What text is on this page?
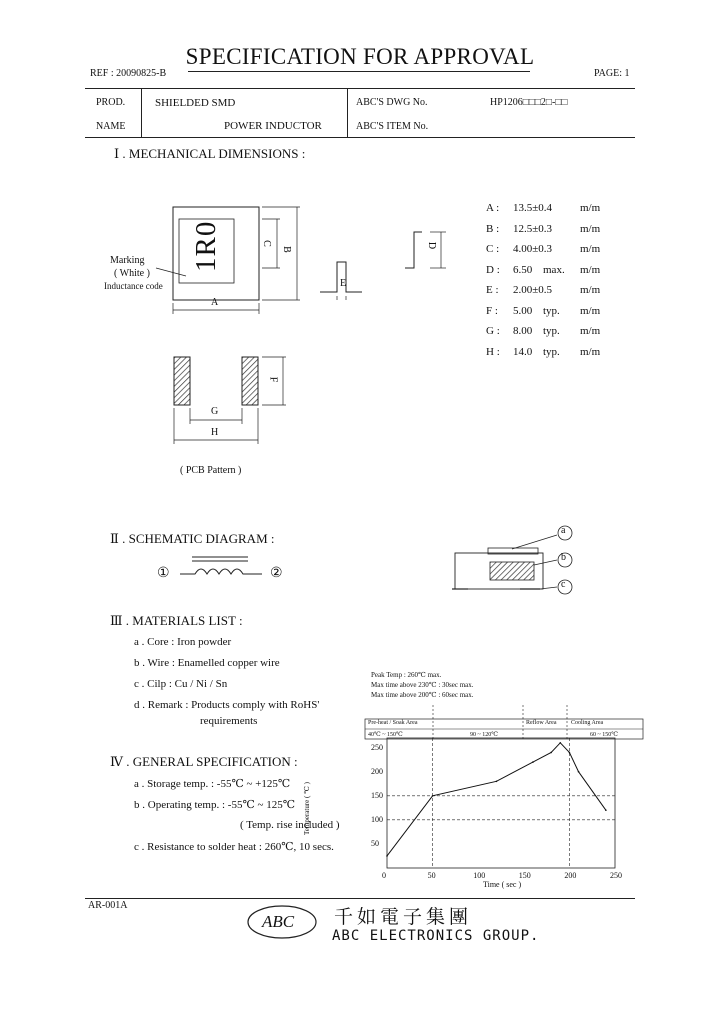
SPECIFICATION FOR APPROVAL
REF : 20090825-B	PAGE: 1
PROD.
NAME
SHIELDED SMD
POWER INDUCTOR
ABC'S DWG No.	HP1206□□□2□-□□
ABC'S ITEM No.
Ⅰ . MECHANICAL DIMENSIONS :
1R0
Marking
( White )
Inductance code
A
B
C	D
E
F
G
H
( PCB Pattern )
A : 13.5±0.4	m/m
B : 12.5±0.3	m/m
C : 4.00±0.3	m/m
D : 6.50 max. m/m
E : 2.00±0.5	m/m
F : 5.00 typ. m/m
G : 8.00 typ. m/m
H : 14.0 typ. m/m
Ⅱ . SCHEMATIC DIAGRAM :
①	②
a
b
c
Ⅲ . MATERIALS LIST :
a . Core : Iron powder
b . Wire : Enamelled copper wire
c . Cilp : Cu / Ni / Sn
d . Remark : Products comply with RoHS'
requirements
Ⅳ . GENERAL SPECIFICATION :
a . Storage temp. : -55℃ ~ +125℃
b . Operating temp. : -55℃ ~ 125℃
( Temp. rise included )
c . Resistance to solder heat : 260℃, 10 secs.
Peak Temp : 260℃ max.
Max time above 230℃ : 30sec max.
Max time above 200℃ : 60sec max.
Pre-heat / Soak Area	Reflow Area Cooling Area
40℃ ~ 150℃	90 ~ 120℃	60 ~ 150℃
Time ( sec )
Temperature ( ℃ )
0	50	100	150	200	250
50
100
150
200
250
AR-001A
ABC 千如電子集團
ABC ELECTRONICS GROUP.
